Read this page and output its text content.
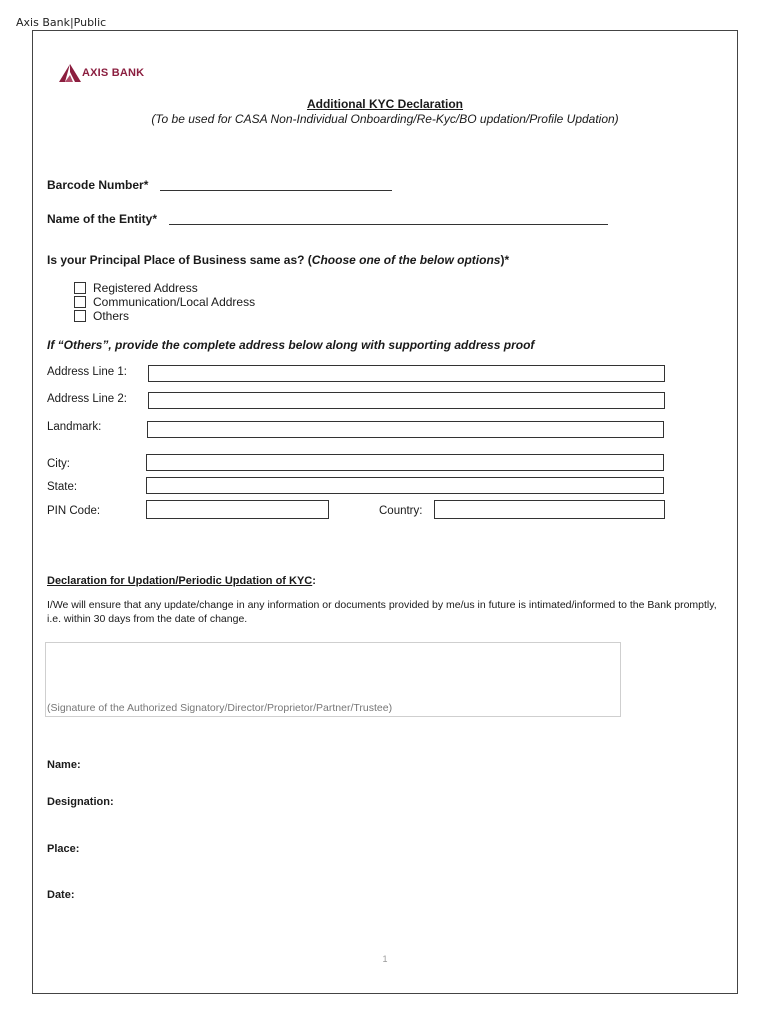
Axis Bank|Public
AXIS BANK
Additional KYC Declaration
(To be used for CASA Non-Individual Onboarding/Re-Kyc/BO updation/Profile Updation)
Barcode Number*
Name of the Entity*
Is your Principal Place of Business same as? (Choose one of the below options)*
Registered Address
Communication/Local Address
Others
If “Others”, provide the complete address below along with supporting address proof
Address Line 1:
Address Line 2:
Landmark:
City:
State:
PIN Code:	Country:
Declaration for Updation/Periodic Updation of KYC:
I/We will ensure that any update/change in any information or documents provided by me/us in future is intimated/informed to the Bank promptly, i.e. within 30 days from the date of change.
(Signature of the Authorized Signatory/Director/Proprietor/Partner/Trustee)
Name:
Designation:
Place:
Date:
1
